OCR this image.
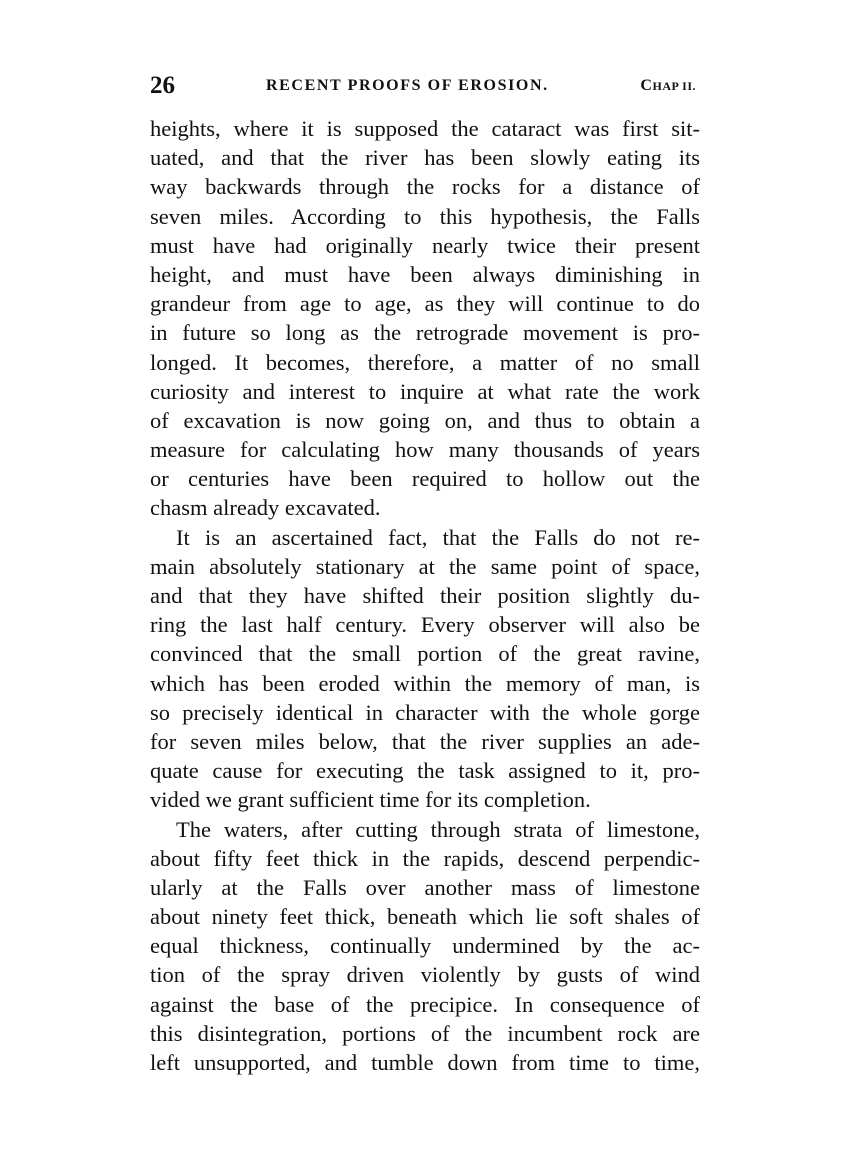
26	RECENT PROOFS OF EROSION.	CHAP II.
heights, where it is supposed the cataract was first sit-
uated, and that the river has been slowly eating its
way backwards through the rocks for a distance of
seven miles. According to this hypothesis, the Falls
must have had originally nearly twice their present
height, and must have been always diminishing in
grandeur from age to age, as they will continue to do
in future so long as the retrograde movement is pro-
longed. It becomes, therefore, a matter of no small
curiosity and interest to inquire at what rate the work
of excavation is now going on, and thus to obtain a
measure for calculating how many thousands of years
or centuries have been required to hollow out the
chasm already excavated.
It is an ascertained fact, that the Falls do not re-
main absolutely stationary at the same point of space,
and that they have shifted their position slightly du-
ring the last half century. Every observer will also be
convinced that the small portion of the great ravine,
which has been eroded within the memory of man, is
so precisely identical in character with the whole gorge
for seven miles below, that the river supplies an ade-
quate cause for executing the task assigned to it, pro-
vided we grant sufficient time for its completion.
The waters, after cutting through strata of limestone,
about fifty feet thick in the rapids, descend perpendic-
ularly at the Falls over another mass of limestone
about ninety feet thick, beneath which lie soft shales of
equal thickness, continually undermined by the ac-
tion of the spray driven violently by gusts of wind
against the base of the precipice. In consequence of
this disintegration, portions of the incumbent rock are
left unsupported, and tumble down from time to time,
